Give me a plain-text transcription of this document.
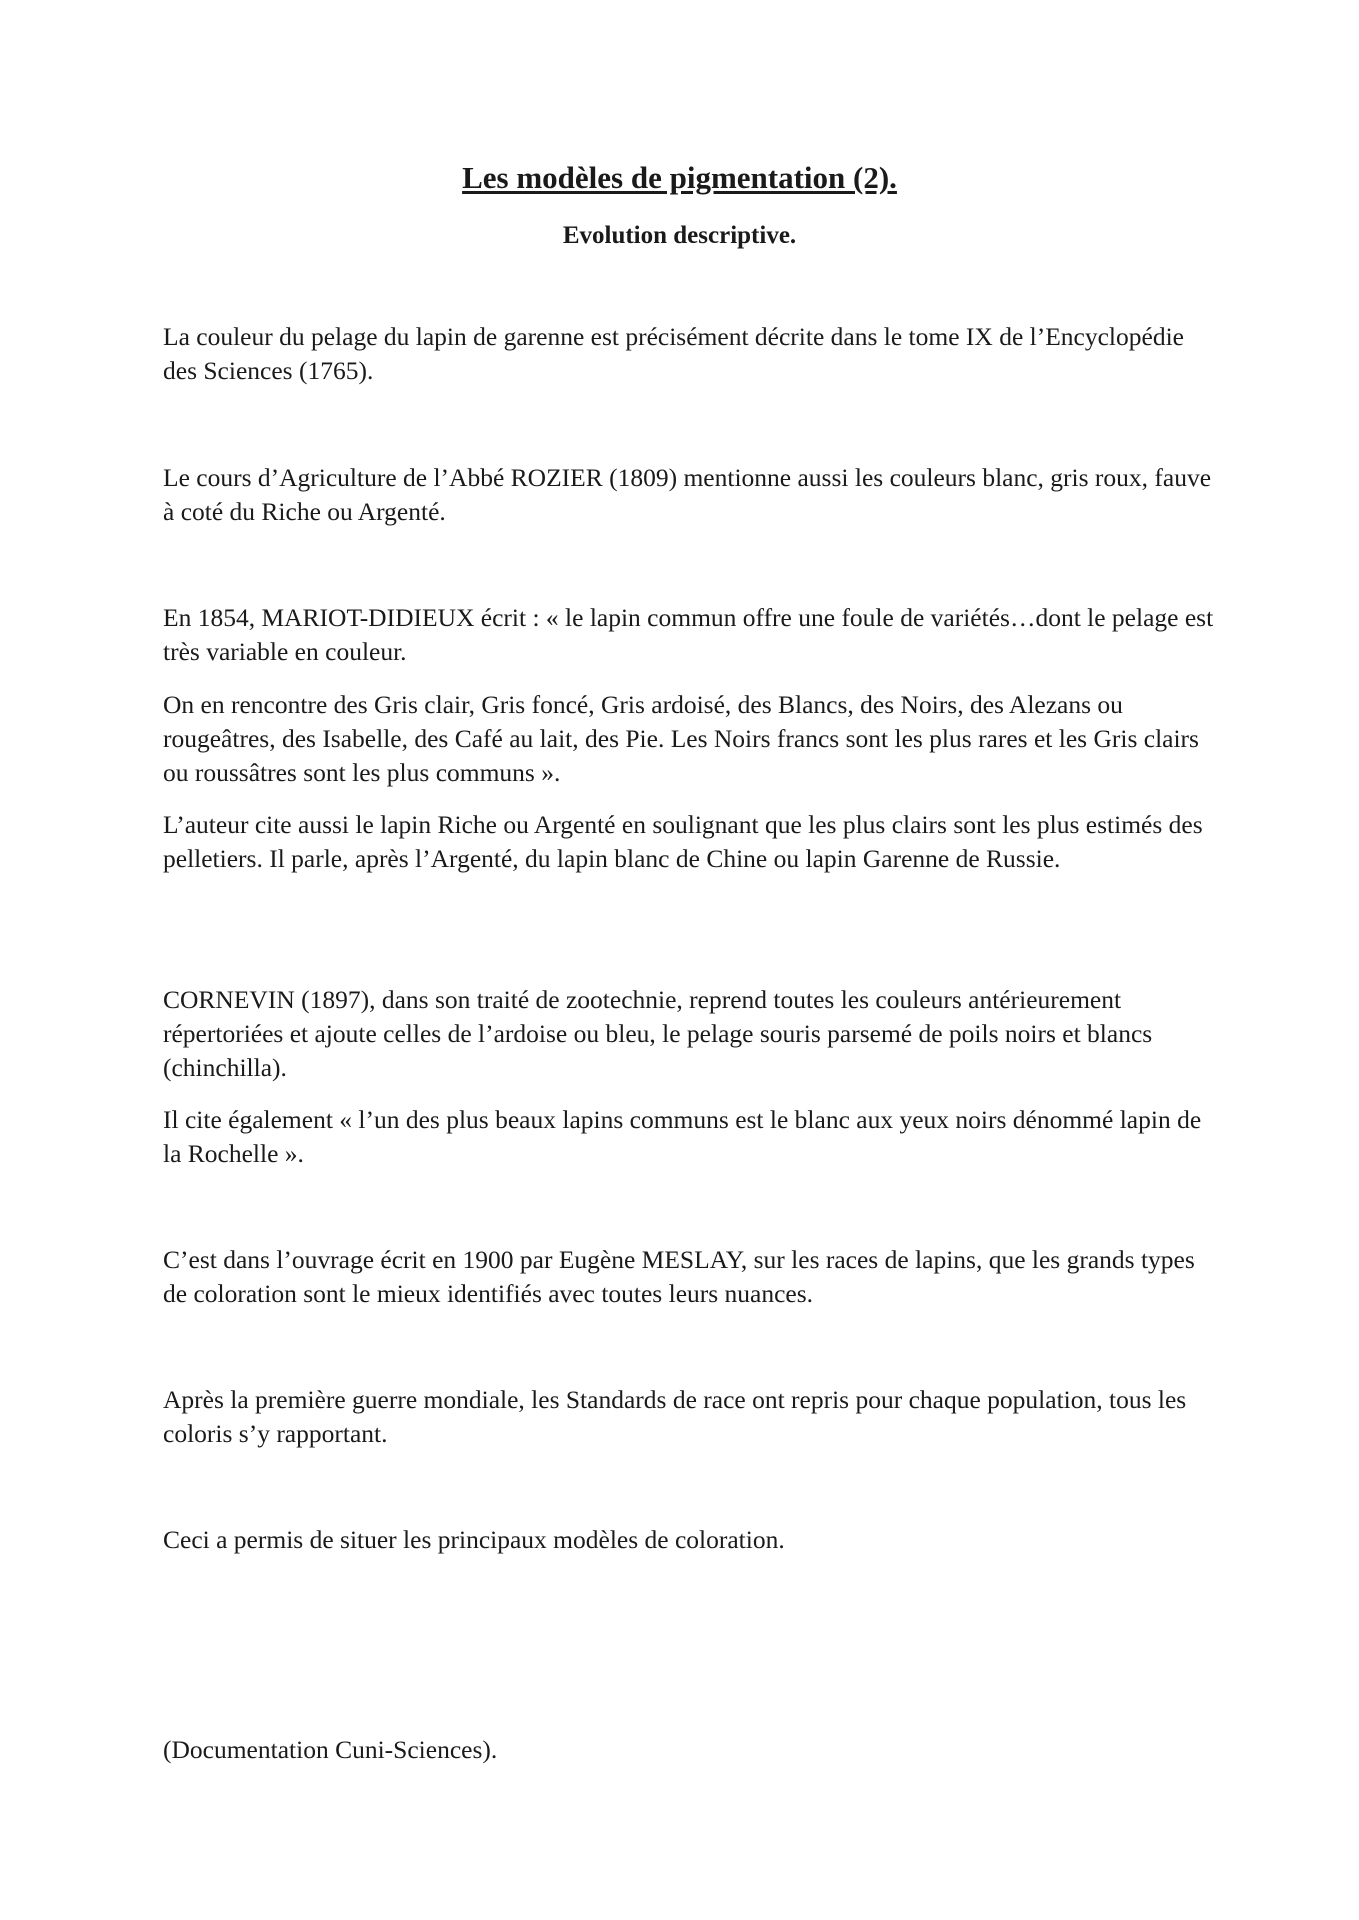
Les modèles de pigmentation (2).
Evolution descriptive.

La couleur du pelage du lapin de garenne est précisément décrite dans le tome IX de l’Encyclopédie des Sciences (1765).

Le cours d’Agriculture de l’Abbé ROZIER (1809) mentionne aussi les couleurs blanc, gris roux, fauve à coté du Riche ou Argenté.

En 1854, MARIOT-DIDIEUX écrit : « le lapin commun offre une foule de variétés…dont le pelage est très variable en couleur.

On en rencontre des Gris clair, Gris foncé, Gris ardoisé, des Blancs, des Noirs, des Alezans ou rougeâtres, des Isabelle, des Café au lait, des Pie. Les Noirs francs sont les plus rares et les Gris clairs ou roussâtres sont les plus communs ».

L’auteur cite aussi le lapin Riche ou Argenté en soulignant que les plus clairs sont les plus estimés des pelletiers. Il parle, après l’Argenté, du lapin blanc de Chine ou lapin Garenne de Russie.

CORNEVIN (1897), dans son traité de zootechnie, reprend toutes les couleurs antérieurement répertoriées et ajoute celles de l’ardoise ou bleu, le pelage souris parsemé de poils noirs et blancs (chinchilla).

Il cite également « l’un des plus beaux lapins communs est le blanc aux yeux noirs dénommé lapin de la Rochelle ».

C’est dans l’ouvrage écrit en 1900 par Eugène MESLAY, sur les races de lapins, que les grands types de coloration sont le mieux identifiés avec toutes leurs nuances.

Après la première guerre mondiale, les Standards de race ont repris pour chaque population, tous les coloris s’y rapportant.

Ceci a permis de situer les principaux modèles de coloration.

(Documentation Cuni-Sciences).
